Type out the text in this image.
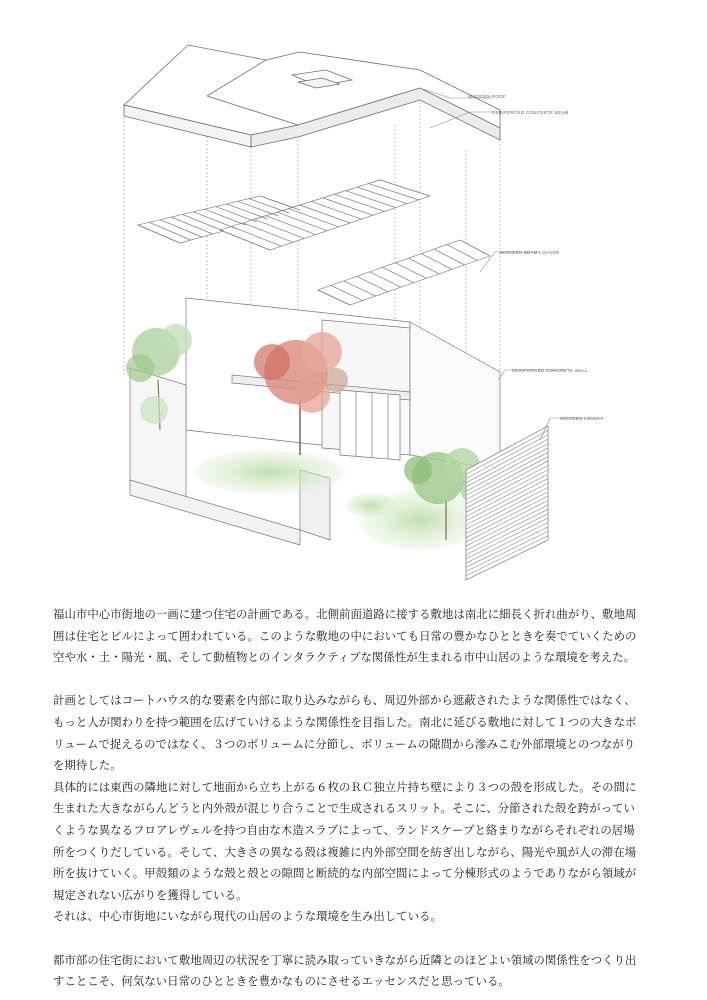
WOODEN ROOF
REINFORCED CONCRETE BEAM
WOODEN BEAM LOUVER
REINFORCED CONCRETE WALL
WOODEN LOUVER
福山市中心市街地の一画に建つ住宅の計画である。北側前面道路に接する敷地は南北に細長く折れ曲がり、敷地周
囲は住宅とビルによって囲われている。このような敷地の中においても日常の豊かなひとときを奏でていくための
空や水・土・陽光・風、そして動植物とのインタラクティブな関係性が生まれる市中山居のような環境を考えた。
計画としてはコートハウス的な要素を内部に取り込みながらも、周辺外部から遮蔽されたような関係性ではなく、
もっと人が関わりを持つ範囲を広げていけるような関係性を目指した。南北に延びる敷地に対して１つの大きなボ
リュームで捉えるのではなく、３つのボリュームに分節し、ボリュームの隙間から滲みこむ外部環境とのつながり
を期待した。
具体的には東西の隣地に対して地面から立ち上がる６枚のＲＣ独立片持ち壁により３つの殻を形成した。その間に
生まれた大きながらんどうと内外殻が混じり合うことで生成されるスリット。そこに、分節された殻を跨がってい
くような異なるフロアレヴェルを持つ自由な木造スラブによって、ランドスケープと絡まりながらそれぞれの居場
所をつくりだしている。そして、大きさの異なる殻は複雑に内外部空間を紡ぎ出しながら、陽光や風が人の滞在場
所を抜けていく。甲殻類のような殻と殻との隙間と断続的な内部空間によって分棟形式のようでありながら領域が
規定されない広がりを獲得している。
それは、中心市街地にいながら現代の山居のような環境を生み出している。
都市部の住宅街において敷地周辺の状況を丁寧に読み取っていきながら近隣とのほどよい領域の関係性をつくり出
すことこそ、何気ない日常のひとときを豊かなものにさせるエッセンスだと思っている。
